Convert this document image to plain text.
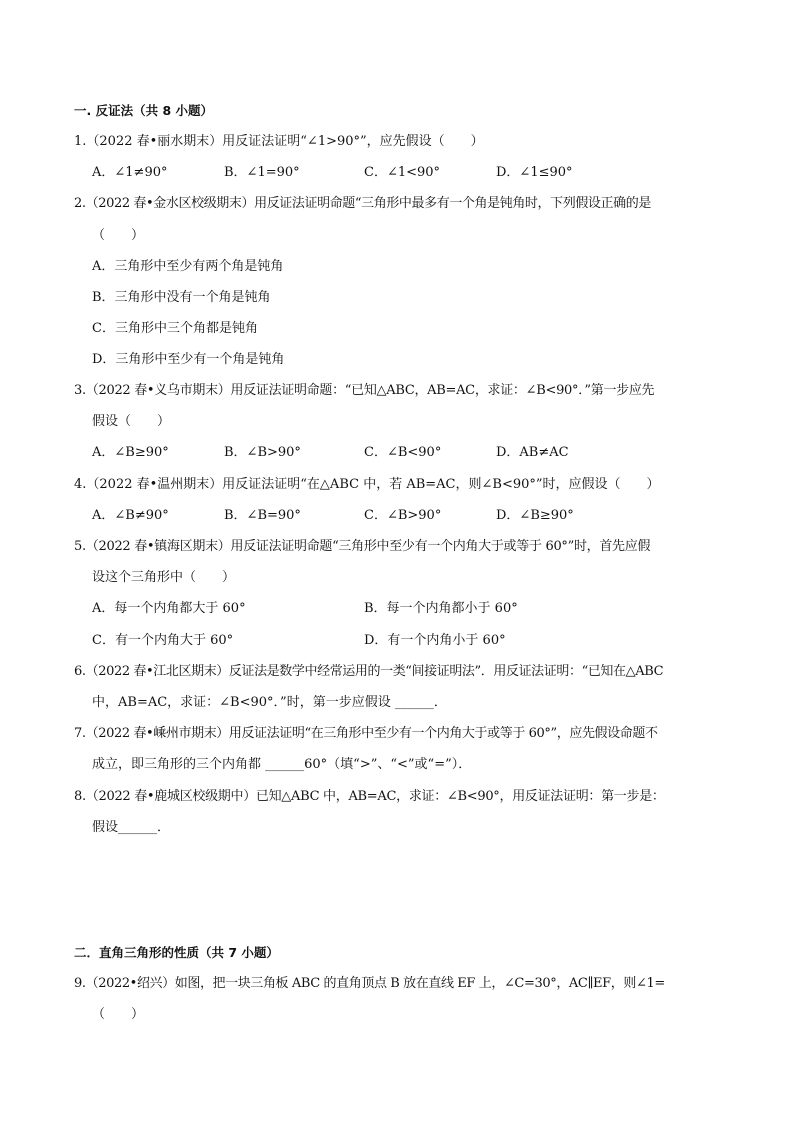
一. 反证法（共 8 小题）
1.（2022 春•丽水期末）用反证法证明“∠1>90°”，应先假设（　　）
A．∠1≠90°	B．∠1=90°	C．∠1<90°	D．∠1≤90°
2.（2022 春•金水区校级期末）用反证法证明命题“三角形中最多有一个角是钝角时，下列假设正确的是
（　　）
A．三角形中至少有两个角是钝角
B．三角形中没有一个角是钝角
C．三角形中三个角都是钝角
D．三角形中至少有一个角是钝角
3.（2022 春•义乌市期末）用反证法证明命题：“已知△ABC，AB=AC，求证：∠B<90°．”第一步应先
假设（　　）
A．∠B≥90°	B．∠B>90°	C．∠B<90°	D．AB≠AC
4.（2022 春•温州期末）用反证法证明“在△ABC 中，若 AB=AC，则∠B<90°”时，应假设（　　）
A．∠B≠90°	B．∠B=90°	C．∠B>90°	D．∠B≥90°
5.（2022 春•镇海区期末）用反证法证明命题“三角形中至少有一个内角大于或等于 60°”时，首先应假
设这个三角形中（　　）
A．每一个内角都大于 60°	B．每一个内角都小于 60°
C．有一个内角大于 60°	D．有一个内角小于 60°
6.（2022 春•江北区期末）反证法是数学中经常运用的一类“间接证明法”．用反证法证明：“已知在△ABC
中，AB=AC，求证：∠B<90°．”时，第一步应假设 ______．
7.（2022 春•嵊州市期末）用反证法证明“在三角形中至少有一个内角大于或等于 60°”，应先假设命题不
成立，即三角形的三个内角都 ______60°（填“>”、“<”或“=”）．
8.（2022 春•鹿城区校级期中）已知△ABC 中，AB=AC，求证：∠B<90°，用反证法证明：第一步是：
假设______．
二．直角三角形的性质（共 7 小题）
9.（2022•绍兴）如图，把一块三角板 ABC 的直角顶点 B 放在直线 EF 上，∠C=30°，AC∥EF，则∠1=
（　　）
